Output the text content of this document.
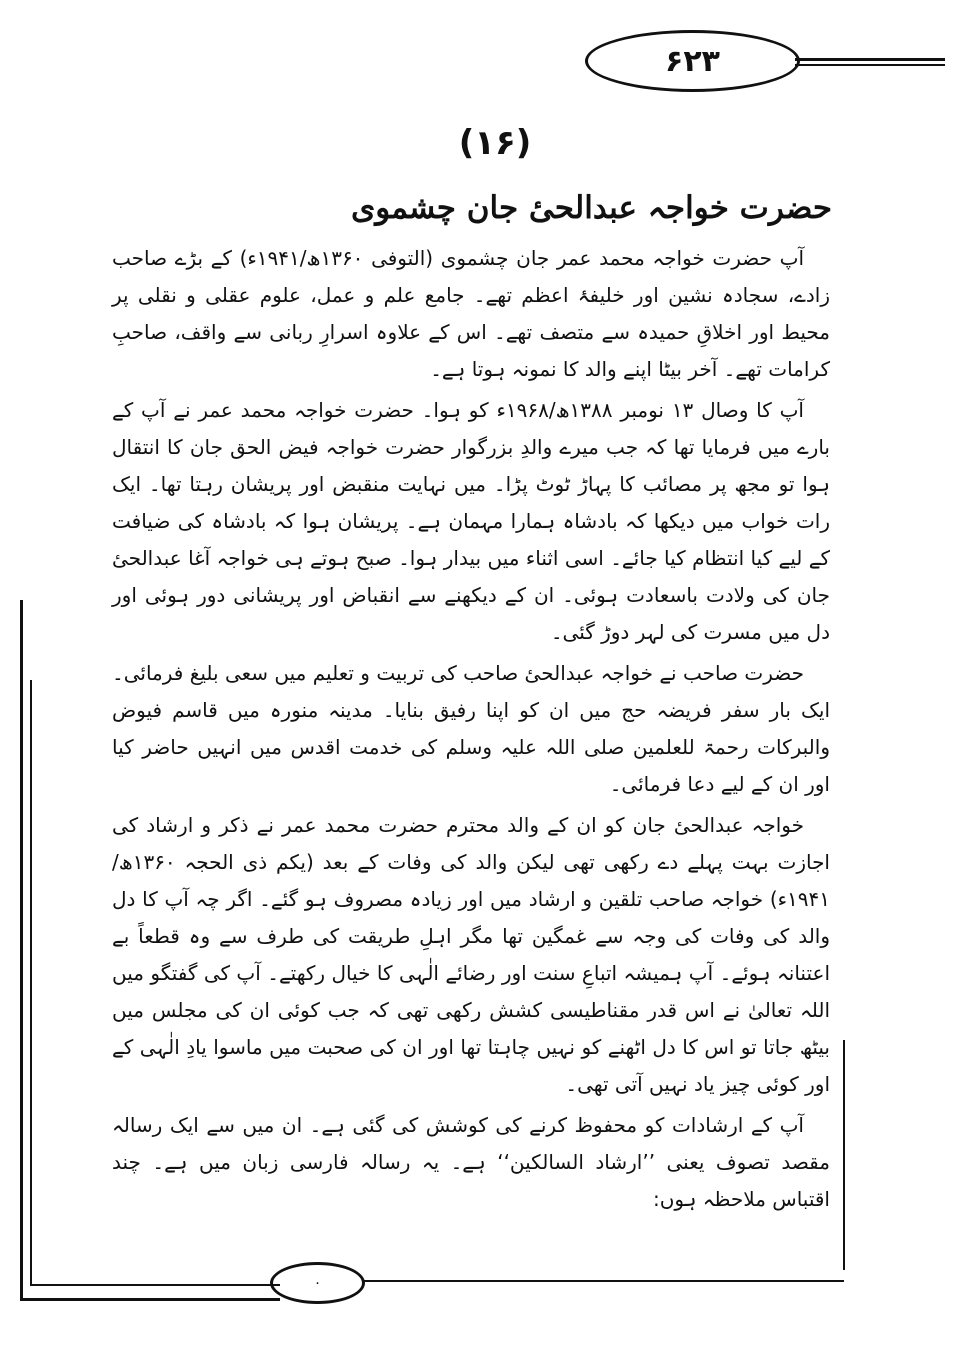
۶۲۳
(۱۶)
حضرت خواجہ عبدالحیٔ جان چشموی

آپ حضرت خواجہ محمد عمر جان چشموی (التوفی ۱۳۶۰ھ/۱۹۴۱ء) کے بڑے صاحب زادے، سجادہ نشین اور خلیفۂ اعظم تھے۔ جامع علم و عمل، علوم عقلی و نقلی پر محیط اور اخلاقِ حمیدہ سے متصف تھے۔ اس کے علاوہ اسرارِ ربانی سے واقف، صاحبِ کرامات تھے۔ آخر بیٹا اپنے والد کا نمونہ ہوتا ہے۔

آپ کا وصال ۱۳ نومبر ۱۳۸۸ھ/۱۹۶۸ء کو ہوا۔ حضرت خواجہ محمد عمر نے آپ کے بارے میں فرمایا تھا کہ جب میرے والدِ بزرگوار حضرت خواجہ فیض الحق جان کا انتقال ہوا تو مجھ پر مصائب کا پہاڑ ٹوٹ پڑا۔ میں نہایت منقبض اور پریشان رہتا تھا۔ ایک رات خواب میں دیکھا کہ بادشاہ ہمارا مہمان ہے۔ پریشان ہوا کہ بادشاہ کی ضیافت کے لیے کیا انتظام کیا جائے۔ اسی اثناء میں بیدار ہوا۔ صبح ہوتے ہی خواجہ آغا عبدالحیٔ جان کی ولادت باسعادت ہوئی۔ ان کے دیکھنے سے انقباض اور پریشانی دور ہوئی اور دل میں مسرت کی لہر دوڑ گئی۔

حضرت صاحب نے خواجہ عبدالحیٔ صاحب کی تربیت و تعلیم میں سعی بلیغ فرمائی۔ ایک بار سفر فریضہ حج میں ان کو اپنا رفیق بنایا۔ مدینہ منورہ میں قاسم فیوض والبرکات رحمۃ للعلمین صلی اللہ علیہ وسلم کی خدمت اقدس میں انہیں حاضر کیا اور ان کے لیے دعا فرمائی۔

خواجہ عبدالحیٔ جان کو ان کے والد محترم حضرت محمد عمر نے ذکر و ارشاد کی اجازت بہت پہلے دے رکھی تھی لیکن والد کی وفات کے بعد (یکم ذی الحجہ ۱۳۶۰ھ/۱۹۴۱ء) خواجہ صاحب تلقین و ارشاد میں اور زیادہ مصروف ہو گئے۔ اگر چہ آپ کا دل والد کی وفات کی وجہ سے غمگین تھا مگر اہلِ طریقت کی طرف سے وہ قطعاً بے اعتنانہ ہوئے۔ آپ ہمیشہ اتباعِ سنت اور رضائے الٰہی کا خیال رکھتے۔ آپ کی گفتگو میں اللہ تعالیٰ نے اس قدر مقناطیسی کشش رکھی تھی کہ جب کوئی ان کی مجلس میں بیٹھ جاتا تو اس کا دل اٹھنے کو نہیں چاہتا تھا اور ان کی صحبت میں ماسوا یادِ الٰہی کے اور کوئی چیز یاد نہیں آتی تھی۔

آپ کے ارشادات کو محفوظ کرنے کی کوشش کی گئی ہے۔ ان میں سے ایک رسالہ مقصد تصوف یعنی ’’ارشاد السالکین‘‘ ہے۔ یہ رسالہ فارسی زبان میں ہے۔ چند اقتباس ملاحظہ ہوں:

۰
